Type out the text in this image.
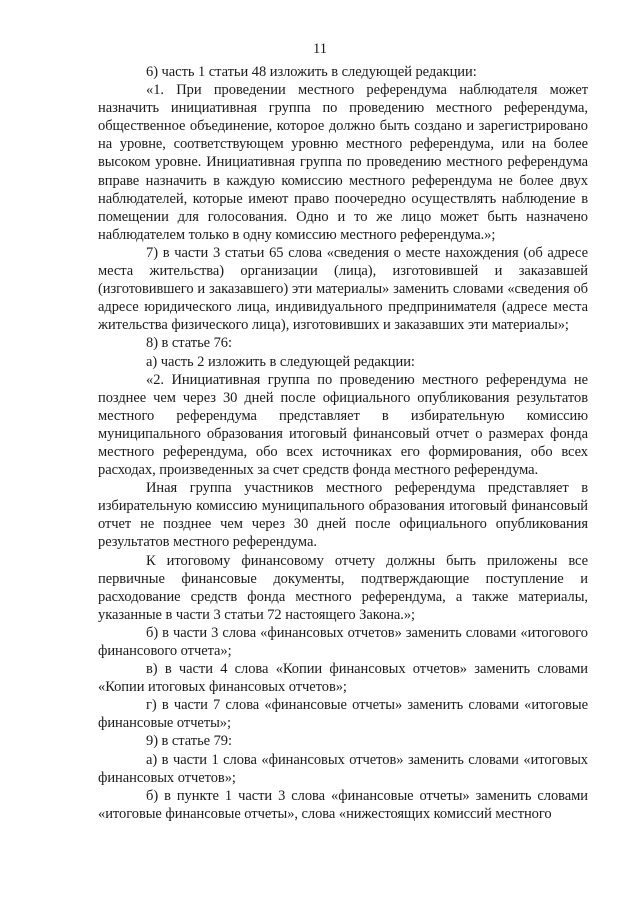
11

6) часть 1 статьи 48 изложить в следующей редакции:

«1. При проведении местного референдума наблюдателя может назначить инициативная группа по проведению местного референдума, общественное объединение, которое должно быть создано и зарегистрировано на уровне, соответствующем уровню местного референдума, или на более высоком уровне. Инициативная группа по проведению местного референдума вправе назначить в каждую комиссию местного референдума не более двух наблюдателей, которые имеют право поочередно осуществлять наблюдение в помещении для голосования. Одно и то же лицо может быть назначено наблюдателем только в одну комиссию местного референдума.»;

7) в части 3 статьи 65 слова «сведения о месте нахождения (об адресе места жительства) организации (лица), изготовившей и заказавшей (изготовившего и заказавшего) эти материалы» заменить словами «сведения об адресе юридического лица, индивидуального предпринимателя (адресе места жительства физического лица), изготовивших и заказавших эти материалы»;

8) в статье 76:

а) часть 2 изложить в следующей редакции:

«2. Инициативная группа по проведению местного референдума не позднее чем через 30 дней после официального опубликования результатов местного референдума представляет в избирательную комиссию муниципального образования итоговый финансовый отчет о размерах фонда местного референдума, обо всех источниках его формирования, обо всех расходах, произведенных за счет средств фонда местного референдума.

Иная группа участников местного референдума представляет в избирательную комиссию муниципального образования итоговый финансовый отчет не позднее чем через 30 дней после официального опубликования результатов местного референдума.

К итоговому финансовому отчету должны быть приложены все первичные финансовые документы, подтверждающие поступление и расходование средств фонда местного референдума, а также материалы, указанные в части 3 статьи 72 настоящего Закона.»;

б) в части 3 слова «финансовых отчетов» заменить словами «итогового финансового отчета»;

в) в части 4 слова «Копии финансовых отчетов» заменить словами «Копии итоговых финансовых отчетов»;

г) в части 7 слова «финансовые отчеты» заменить словами «итоговые финансовые отчеты»;

9) в статье 79:

а) в части 1 слова «финансовых отчетов» заменить словами «итоговых финансовых отчетов»;

б) в пункте 1 части 3 слова «финансовые отчеты» заменить словами «итоговые финансовые отчеты», слова «нижестоящих комиссий местного
